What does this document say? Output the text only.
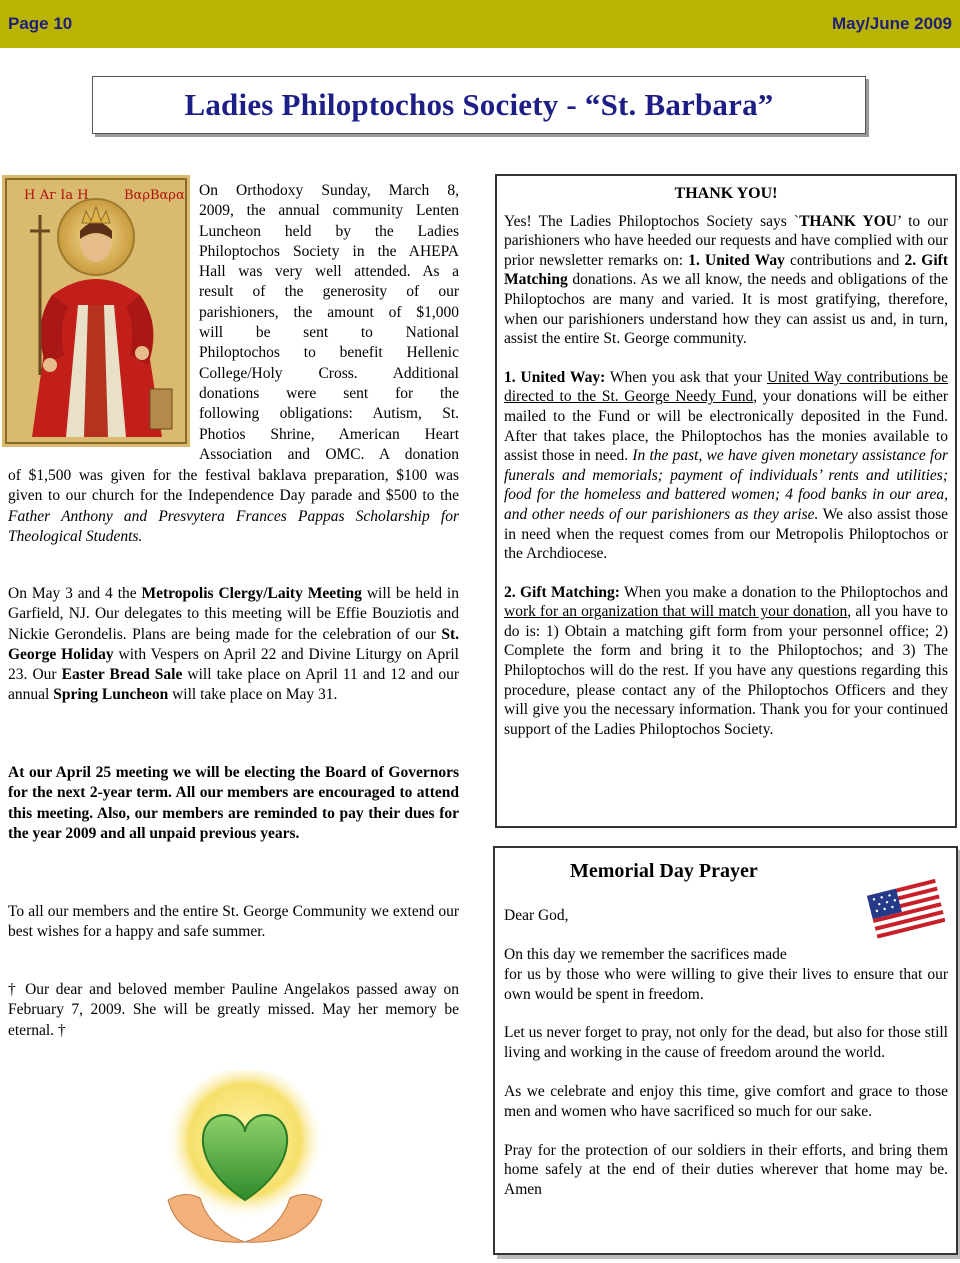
Page 10	May/June 2009
Ladies Philoptochos Society - “St. Barbara”
Н Аг Ιa Η	ΒαρΒαρα On Orthodoxy Sunday, March 8,
2009, the annual community Lenten
Luncheon held by the Ladies
Philoptochos Society in the AHEPA
Hall was very well attended. As a
result of the generosity of our
parishioners, the amount of $1,000
will be sent to National
Philoptochos to benefit Hellenic
College/Holy Cross. Additional
donations were sent for the
following obligations: Autism, St.
Photios Shrine, American Heart
Association and OMC. A donation

of $1,500 was given for the festival baklava preparation, $100 was given to our church for the Independence Day parade and $500 to the Father Anthony and Presvytera Frances Pappas Scholarship for Theological Students.

On May 3 and 4 the Metropolis Clergy/Laity Meeting will be held in Garfield, NJ. Our delegates to this meeting will be Effie Bouziotis and Nickie Gerondelis. Plans are being made for the celebration of our St. George Holiday with Vespers on April 22 and Divine Liturgy on April 23. Our Easter Bread Sale will take place on April 11 and 12 and our annual Spring Luncheon will take place on May 31.

At our April 25 meeting we will be electing the Board of Governors for the next 2-year term. All our members are encouraged to attend this meeting. Also, our members are reminded to pay their dues for the year 2009 and all unpaid previous years.

To all our members and the entire St. George Community we extend our best wishes for a happy and safe summer.

† Our dear and beloved member Pauline Angelakos passed away on February 7, 2009. She will be greatly missed. May her memory be eternal. †

THANK YOU!

Yes! The Ladies Philoptochos Society says `THANK YOU’ to our parishioners who have heeded our requests and have complied with our prior newsletter remarks on: 1. United Way contributions and 2. Gift Matching donations. As we all know, the needs and obligations of the Philoptochos are many and varied. It is most gratifying, therefore, when our parishioners understand how they can assist us and, in turn, assist the entire St. George community.

1. United Way: When you ask that your United Way contributions be directed to the St. George Needy Fund, your donations will be either mailed to the Fund or will be electronically deposited in the Fund. After that takes place, the Philoptochos has the monies available to assist those in need. In the past, we have given monetary assistance for funerals and memorials; payment of individuals’ rents and utilities; food for the homeless and battered women; 4 food banks in our area, and other needs of our parishioners as they arise. We also assist those in need when the request comes from our Metropolis Philoptochos or the Archdiocese.

2. Gift Matching: When you make a donation to the Philoptochos and work for an organization that will match your donation, all you have to do is: 1) Obtain a matching gift form from your personnel office; 2) Complete the form and bring it to the Philoptochos; and 3) The Philoptochos will do the rest. If you have any questions regarding this procedure, please contact any of the Philoptochos Officers and they will give you the necessary information. Thank you for your continued support of the Ladies Philoptochos Society.

Memorial Day Prayer
Dear God,
On this day we remember the sacrifices made
for us by those who were willing to give their lives to ensure that our own would be spent in freedom.
Let us never forget to pray, not only for the dead, but also for those still living and working in the cause of freedom around the world.
As we celebrate and enjoy this time, give comfort and grace to those men and women who have sacrificed so much for our sake.
Pray for the protection of our soldiers in their efforts, and bring them home safely at the end of their duties wherever that home may be. Amen
